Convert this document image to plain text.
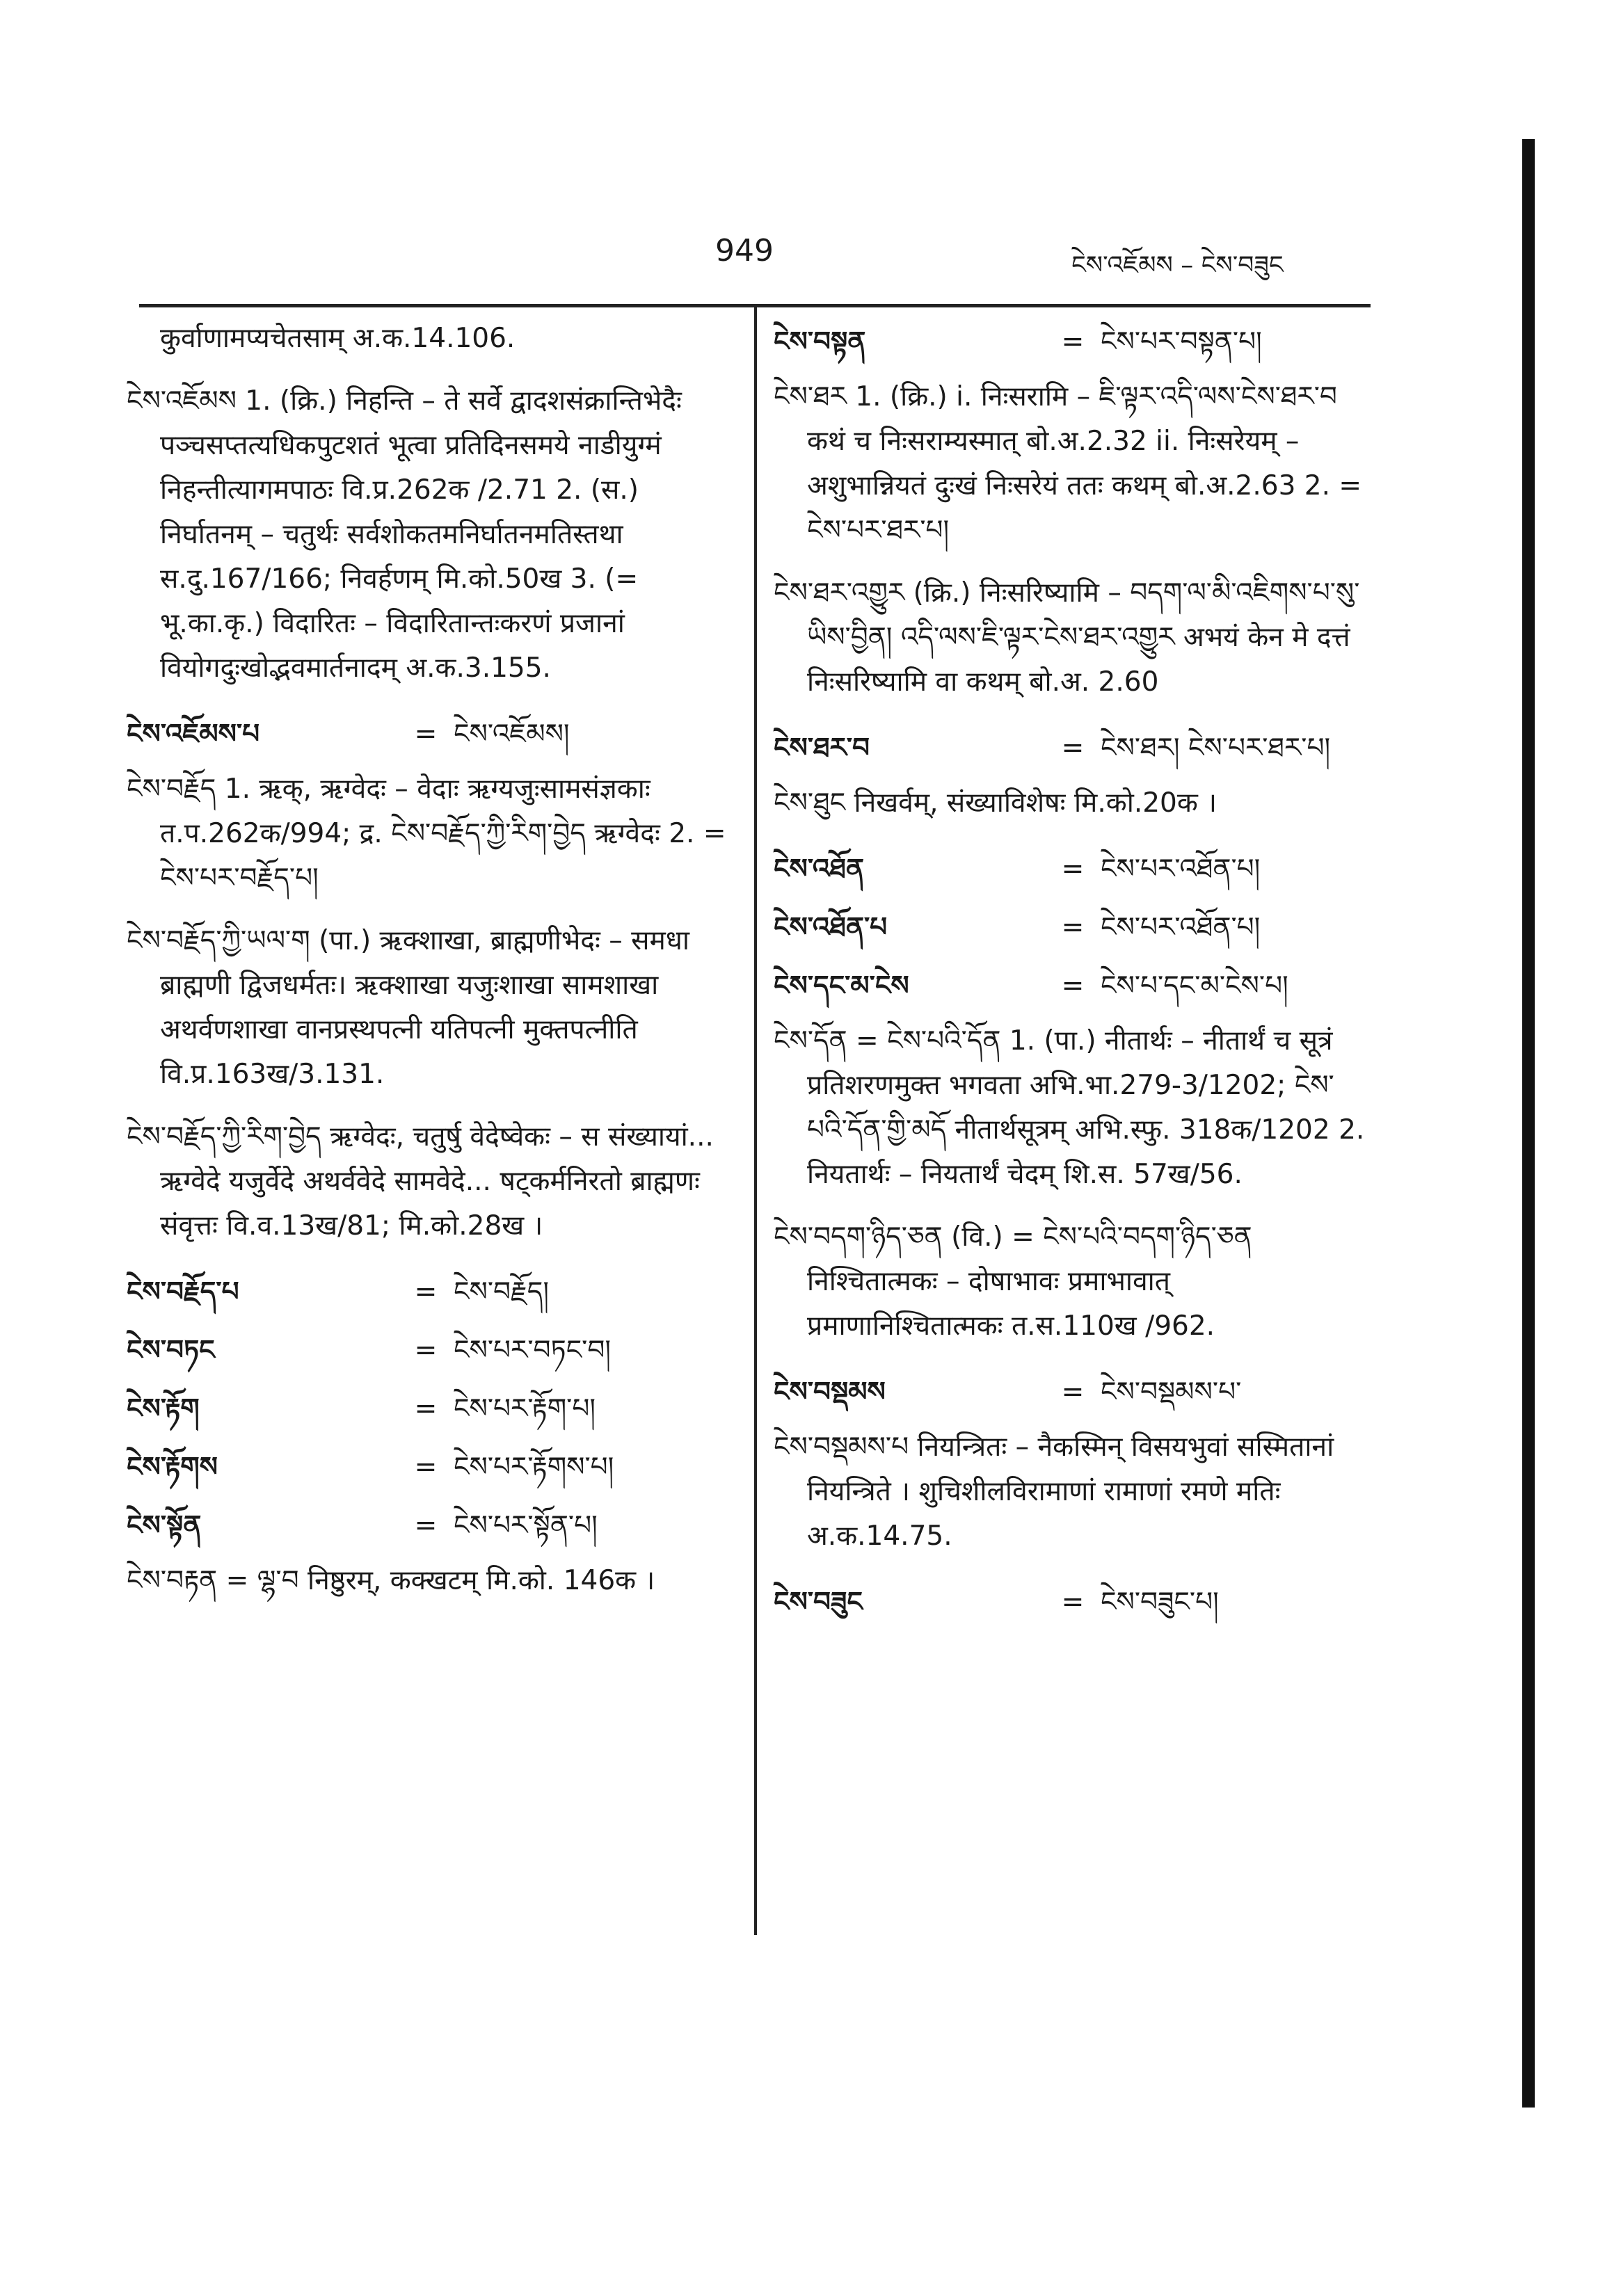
949	ངེས་འཇོམས – ངེས་བཟུང
कुर्वाणामप्यचेतसाम् अ.क.14.106.
ངེས་འཇོམས 1. (क्रि.) निहन्ति – ते सर्वे द्वादशसंक्रान्तिभेदैः पञ्चसप्तत्यधिकपुटशतं भूत्वा प्रतिदिनसमये नाडीयुग्मं निहन्तीत्यागमपाठः वि.प्र.262क /2.71 2. (स.) निर्घातनम् – चतुर्थः सर्वशोकतमनिर्घातनमतिस्तथा स.दु.167/166; निवर्हणम् मि.को.50ख 3. (= भू.का.कृ.) विदारितः – विदारितान्तःकरणं प्रजानां वियोगदुःखोद्भवमार्तनादम् अ.क.3.155.
ངེས་འཇོམས་པ	= ངེས་འཇོམས།
ངེས་བརྗོད 1. ऋक्, ऋग्वेदः – वेदाः ऋग्यजुःसामसंज्ञकाः त.प.262क/994; द्र. ངེས་བརྗོད་ཀྱི་རིག་བྱེད ऋग्वेदः 2. = ངེས་པར་བརྗོད་པ།
ངེས་བརྗོད་ཀྱི་ཡལ་ག (पा.) ऋक्शाखा, ब्राह्मणीभेदः – समधा ब्राह्मणी द्विजधर्मतः। ऋक्शाखा यजुःशाखा सामशाखा अथर्वणशाखा वानप्रस्थपत्नी यतिपत्नी मुक्तपत्नीति वि.प्र.163ख/3.131.
ངེས་བརྗོད་ཀྱི་རིག་བྱེད ऋग्वेदः, चतुर्षु वेदेष्वेकः – स संख्यायां... ऋग्वेदे यजुर्वेदे अथर्ववेदे सामवेदे... षट्कर्मनिरतो ब्राह्मणः संवृत्तः वि.व.13ख/81; मि.को.28ख ।
ངེས་བརྗོད་པ	= ངེས་བརྗོད།
ངེས་བཏང	= ངེས་པར་བཏང་བ།
ངེས་རྟོག	= ངེས་པར་རྟོག་པ།
ངེས་རྟོགས	= ངེས་པར་རྟོགས་པ།
ངེས་སྟོན	= ངེས་པར་སྟོན་པ།
ངེས་བརྟན = ལྷ་བ निष्ठुरम्, कक्खटम् मि.को. 146क ।
ངེས་བསྟན	= ངེས་པར་བསྟན་པ།
ངེས་ཐར 1. (क्रि.) i. निःसरामि – ཇི་ལྟར་འདི་ལས་ངེས་ཐར་བ कथं च निःसराम्यस्मात् बो.अ.2.32 ii. निःसरेयम् – अशुभान्नियतं दुःखं निःसरेयं ततः कथम् बो.अ.2.63 2. = ངེས་པར་ཐར་པ།
ངེས་ཐར་འགྱུར (क्रि.) निःसरिष्यामि – བདག་ལ་མི་འཇིགས་པ་སུ་ཡིས་བྱིན། འདི་ལས་ཇི་ལྟར་ངེས་ཐར་འགྱུར अभयं केन मे दत्तं निःसरिष्यामि वा कथम् बो.अ. 2.60
ངེས་ཐར་བ	= ངེས་ཐར། ངེས་པར་ཐར་པ།
ངེས་ཐུང निखर्वम्, संख्याविशेषः मि.को.20क ।
ངེས་འཐོན	= ངེས་པར་འཐོན་པ།
ངེས་འཐོན་པ	= ངེས་པར་འཐོན་པ།
ངེས་དང་མ་ངེས	= ངེས་པ་དང་མ་ངེས་པ།
ངེས་དོན = ངེས་པའི་དོན 1. (पा.) नीतार्थः – नीतार्थं च सूत्रं प्रतिशरणमुक्त भगवता अभि.भा.279-3/1202; ངེས་པའི་དོན་གྱི་མདོ नीतार्थसूत्रम् अभि.स्फु. 318क/1202 2. नियतार्थः – नियतार्थं चेदम् शि.स. 57ख/56.
ངེས་བདག་ཉིད་ཅན (वि.) = ངེས་པའི་བདག་ཉིད་ཅན निश्चितात्मकः – दोषाभावः प्रमाभावात् प्रमाणानिश्चितात्मकः त.स.110ख /962.
ངེས་བསྡམས	= ངེས་བསྡམས་པ་
ངེས་བསྡམས་པ नियन्त्रितः – नैकस्मिन् विसयभुवां सस्मितानां नियन्त्रिते । शुचिशीलविरामाणां रामाणां रमणे मतिः अ.क.14.75.
ངེས་བཟུང	= ངེས་བཟུང་པ།
